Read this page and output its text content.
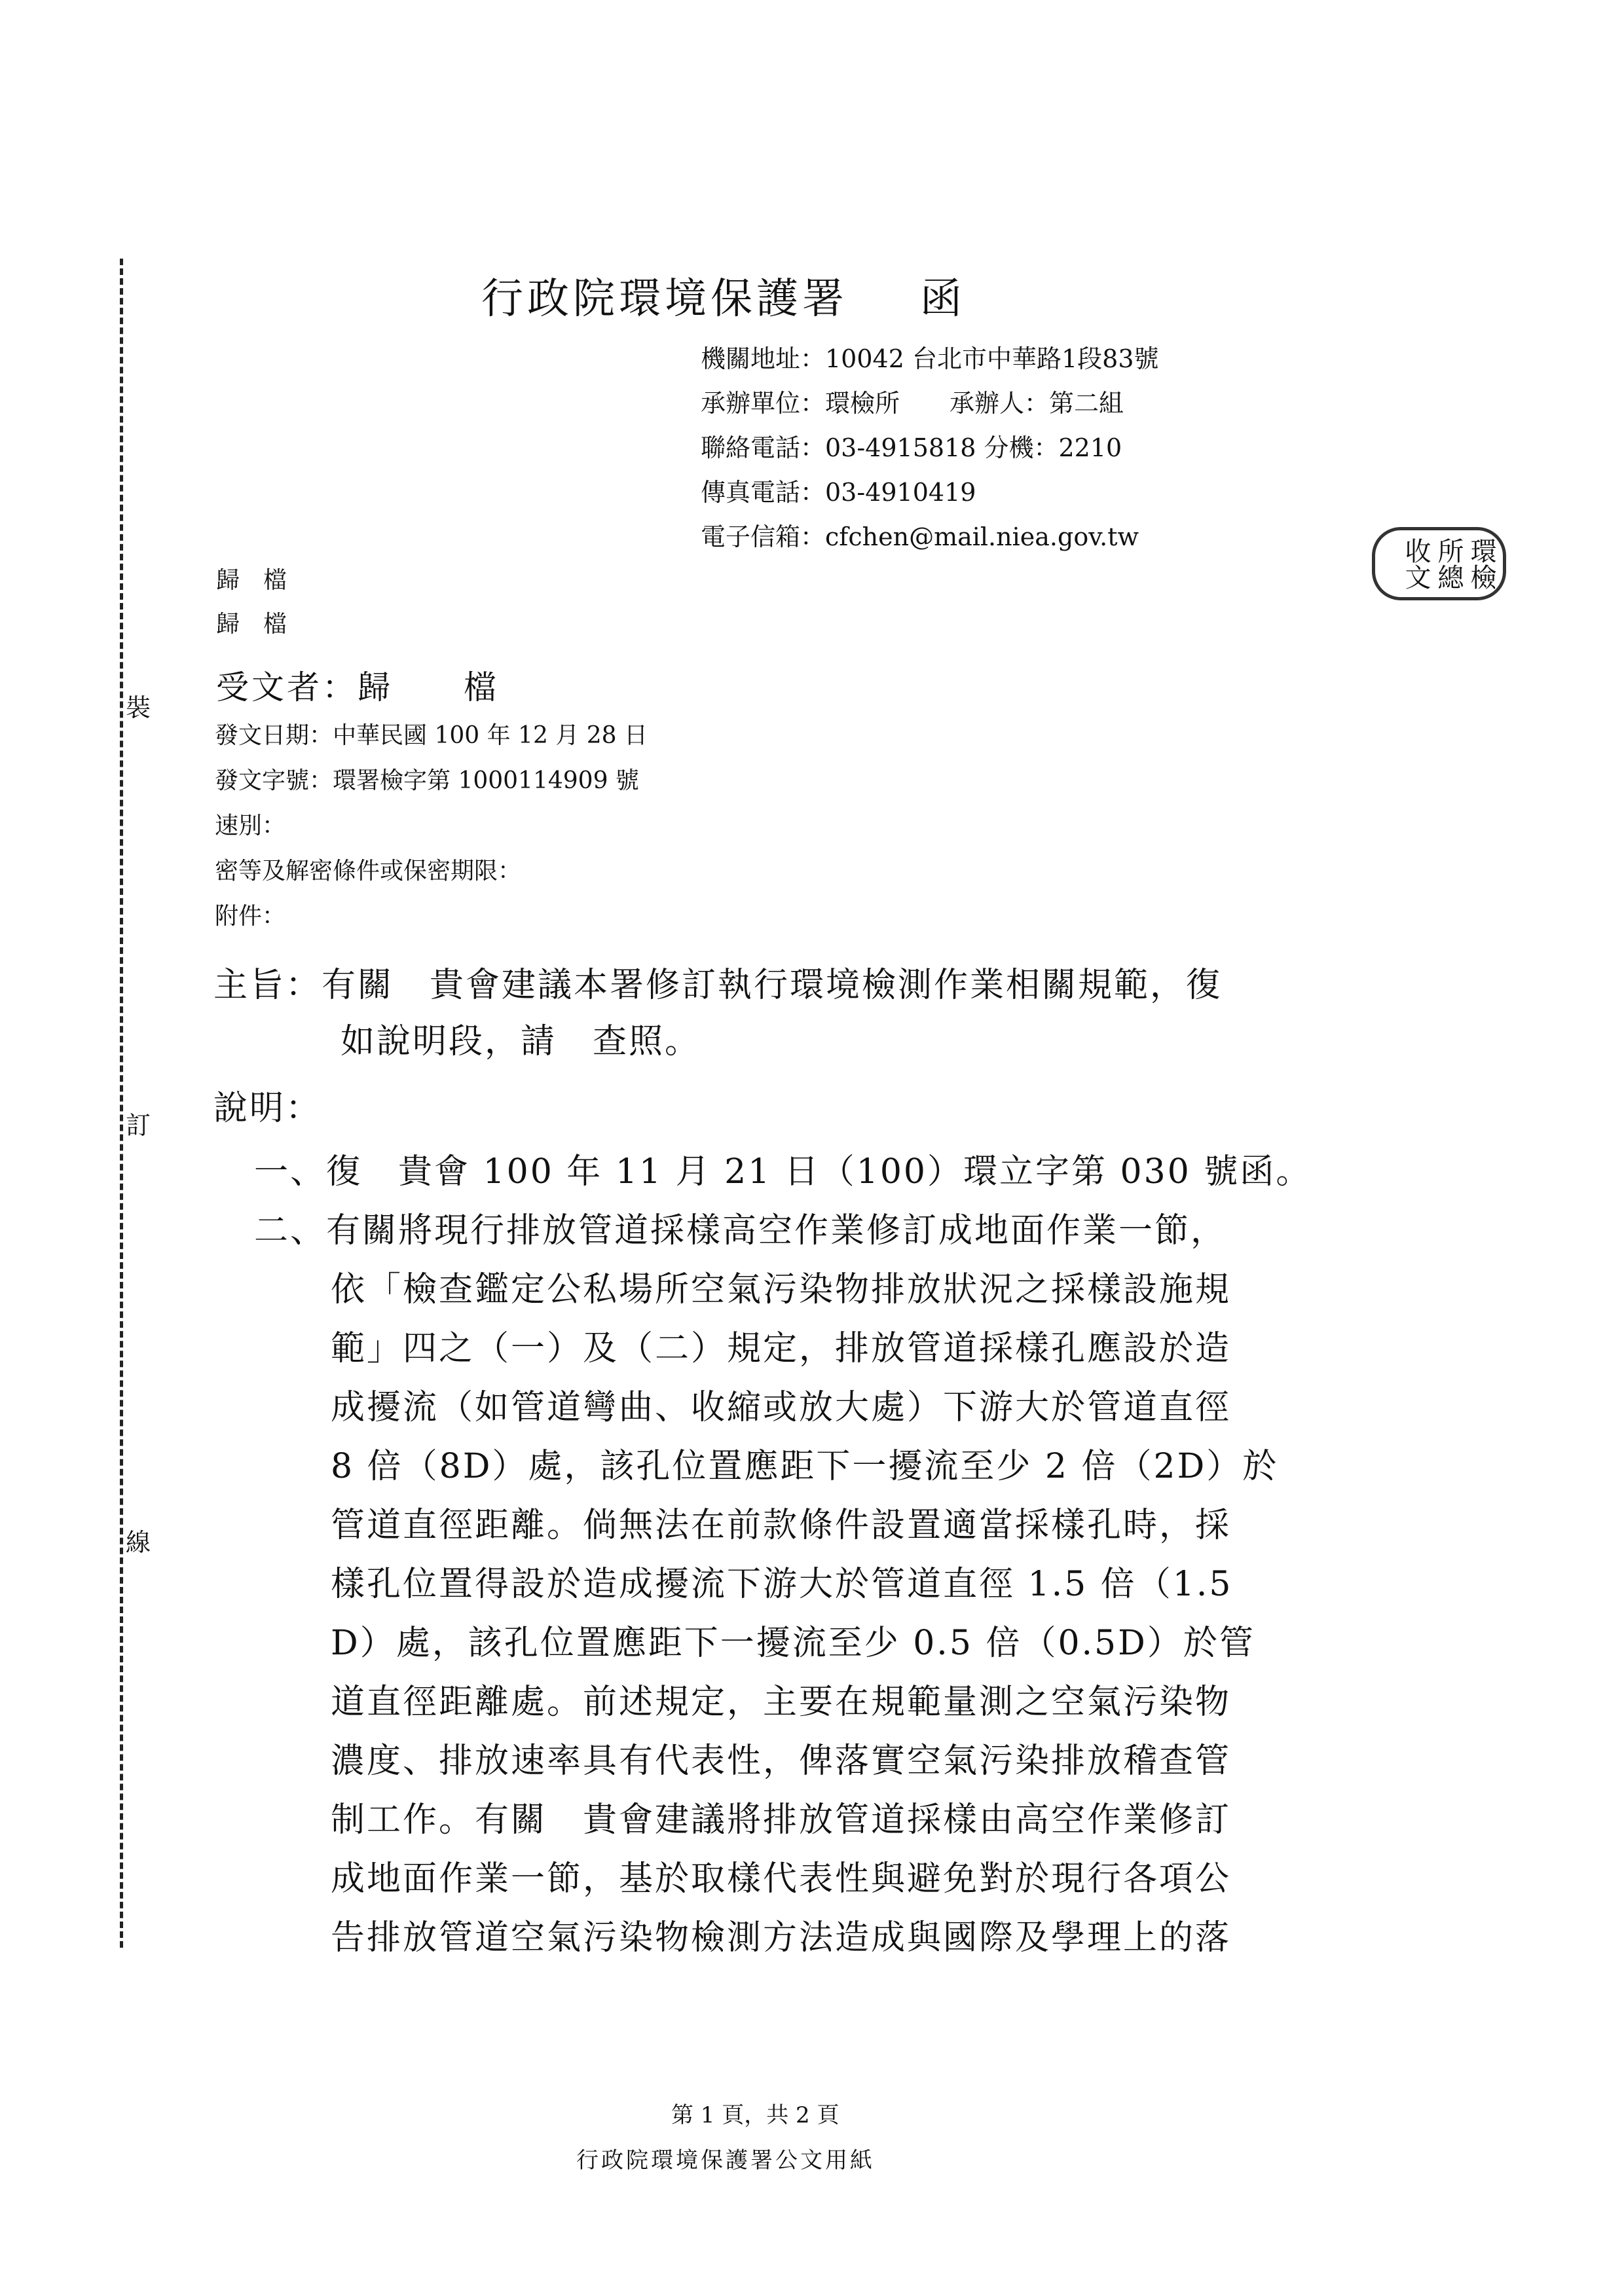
裝
訂
線
行政院環境保護署 函
機關地址：10042 台北市中華路1段83號
承辦單位：環檢所　　承辦人：第二組
聯絡電話：03-4915818 分機：2210
傳真電話：03-4910419
電子信箱：cfchen@mail.niea.gov.tw
環檢所總收文
歸　檔
歸　檔
受文者：歸　　檔
發文日期：中華民國 100 年 12 月 28 日
發文字號：環署檢字第 1000114909 號
速別：
密等及解密條件或保密期限：
附件：
主旨：有關　貴會建議本署修訂執行環境檢測作業相關規範，復
如說明段，請　查照。
說明：
一、復　貴會 100 年 11 月 21 日（100）環立字第 030 號函。
二、有關將現行排放管道採樣高空作業修訂成地面作業一節，
依「檢查鑑定公私場所空氣污染物排放狀況之採樣設施規
範」四之（一）及（二）規定，排放管道採樣孔應設於造
成擾流（如管道彎曲、收縮或放大處）下游大於管道直徑
8 倍（8D）處，該孔位置應距下一擾流至少 2 倍（2D）於
管道直徑距離。倘無法在前款條件設置適當採樣孔時，採
樣孔位置得設於造成擾流下游大於管道直徑 1.5 倍（1.5
D）處，該孔位置應距下一擾流至少 0.5 倍（0.5D）於管
道直徑距離處。前述規定，主要在規範量測之空氣污染物
濃度、排放速率具有代表性，俾落實空氣污染排放稽查管
制工作。有關　貴會建議將排放管道採樣由高空作業修訂
成地面作業一節，基於取樣代表性與避免對於現行各項公
告排放管道空氣污染物檢測方法造成與國際及學理上的落
第 1 頁，共 2 頁
行政院環境保護署公文用紙
